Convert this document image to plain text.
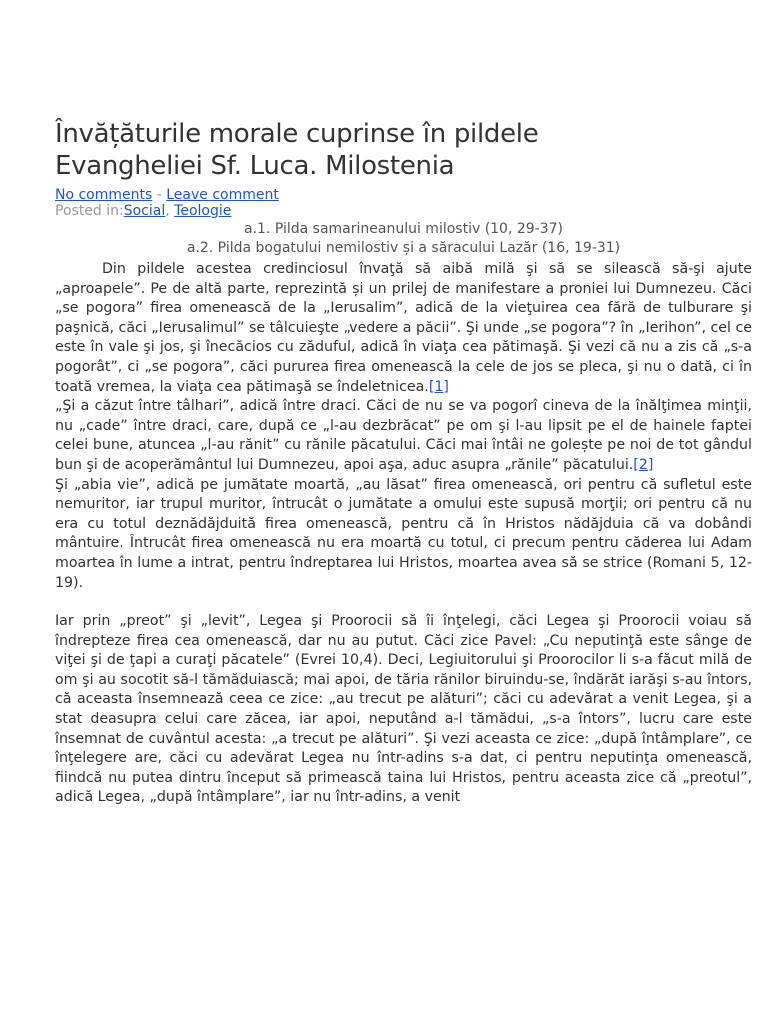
Învățăturile morale cuprinse în pildele
Evangheliei Sf. Luca. Milostenia
No comments - Leave comment
Posted in:Social, Teologie
a.1. Pilda samarineanului milostiv (10, 29-37)
a.2. Pilda bogatului nemilostiv și a săracului Lazăr (16, 19-31)

Din pildele acestea credinciosul învaţă să aibă milă şi să se silească să-şi ajute „aproapele”. Pe de altă parte, reprezintă și un prilej de manifestare a proniei lui Dumnezeu. Căci „se pogora” firea omenească de la „Ierusalim”, adică de la vieţuirea cea fără de tulburare şi paşnică, căci „Ierusalimul” se tâlcuieşte „vedere a păcii”. Şi unde „se pogora”? în „Ierihon”, cel ce este în vale şi jos, şi înecăcios cu zăduful, adică în viaţa cea pătimaşă. Şi vezi că nu a zis că „s-a pogorât”, ci „se pogora”, căci pururea firea omenească la cele de jos se pleca, şi nu o dată, ci în toată vremea, la viaţa cea pătimaşă se îndeletnicea.[1]

„Şi a căzut între tâlhari”, adică între draci. Căci de nu se va pogorî cineva de la înălţimea minţii, nu „cade” între draci, care, după ce „l-au dezbrăcat” pe om şi l-au lipsit pe el de hainele faptei celei bune, atuncea „l-au rănit” cu rănile păcatului. Căci mai întâi ne golește pe noi de tot gândul bun şi de acoperământul lui Dumnezeu, apoi aşa, aduc asupra „rănile” păcatului.[2]

Şi „abia vie”, adică pe jumătate moartă, „au lăsat” firea omenească, ori pentru că sufletul este nemuritor, iar trupul muritor, întrucât o jumătate a omului este supusă morţii; ori pentru că nu era cu totul deznădăjduită firea omenească, pentru că în Hristos nădăjduia că va dobândi mântuire. Întrucât firea omenească nu era moartă cu totul, ci precum pentru căderea lui Adam moartea în lume a intrat, pentru îndreptarea lui Hristos, moartea avea să se strice (Romani 5, 12-19).

Iar prin „preot” şi „levit”, Legea şi Proorocii să îi înţelegi, căci Legea şi Proorocii voiau să îndrepteze firea cea omenească, dar nu au putut. Căci zice Pavel: „Cu neputinţă este sânge de viţei şi de ţapi a curaţi păcatele” (Evrei 10,4). Deci, Legiuitorului şi Proorocilor li s-a făcut milă de om şi au socotit să-l tămăduiască; mai apoi, de tăria rănilor biruindu-se, îndărăt iarăşi s-au întors, că aceasta însemnează ceea ce zice: „au trecut pe alături”; căci cu adevărat a venit Legea, şi a stat deasupra celui care zăcea, iar apoi, neputând a-l tămădui, „s-a întors”, lucru care este însemnat de cuvântul acesta: „a trecut pe alături”. Şi vezi aceasta ce zice: „după întâmplare”, ce înţelegere are, căci cu adevărat Legea nu într-adins s-a dat, ci pentru neputinţa omenească, fiindcă nu putea dintru început să primească taina lui Hristos, pentru aceasta zice că „preotul”, adică Legea, „după întâmplare”, iar nu într-adins, a venit
